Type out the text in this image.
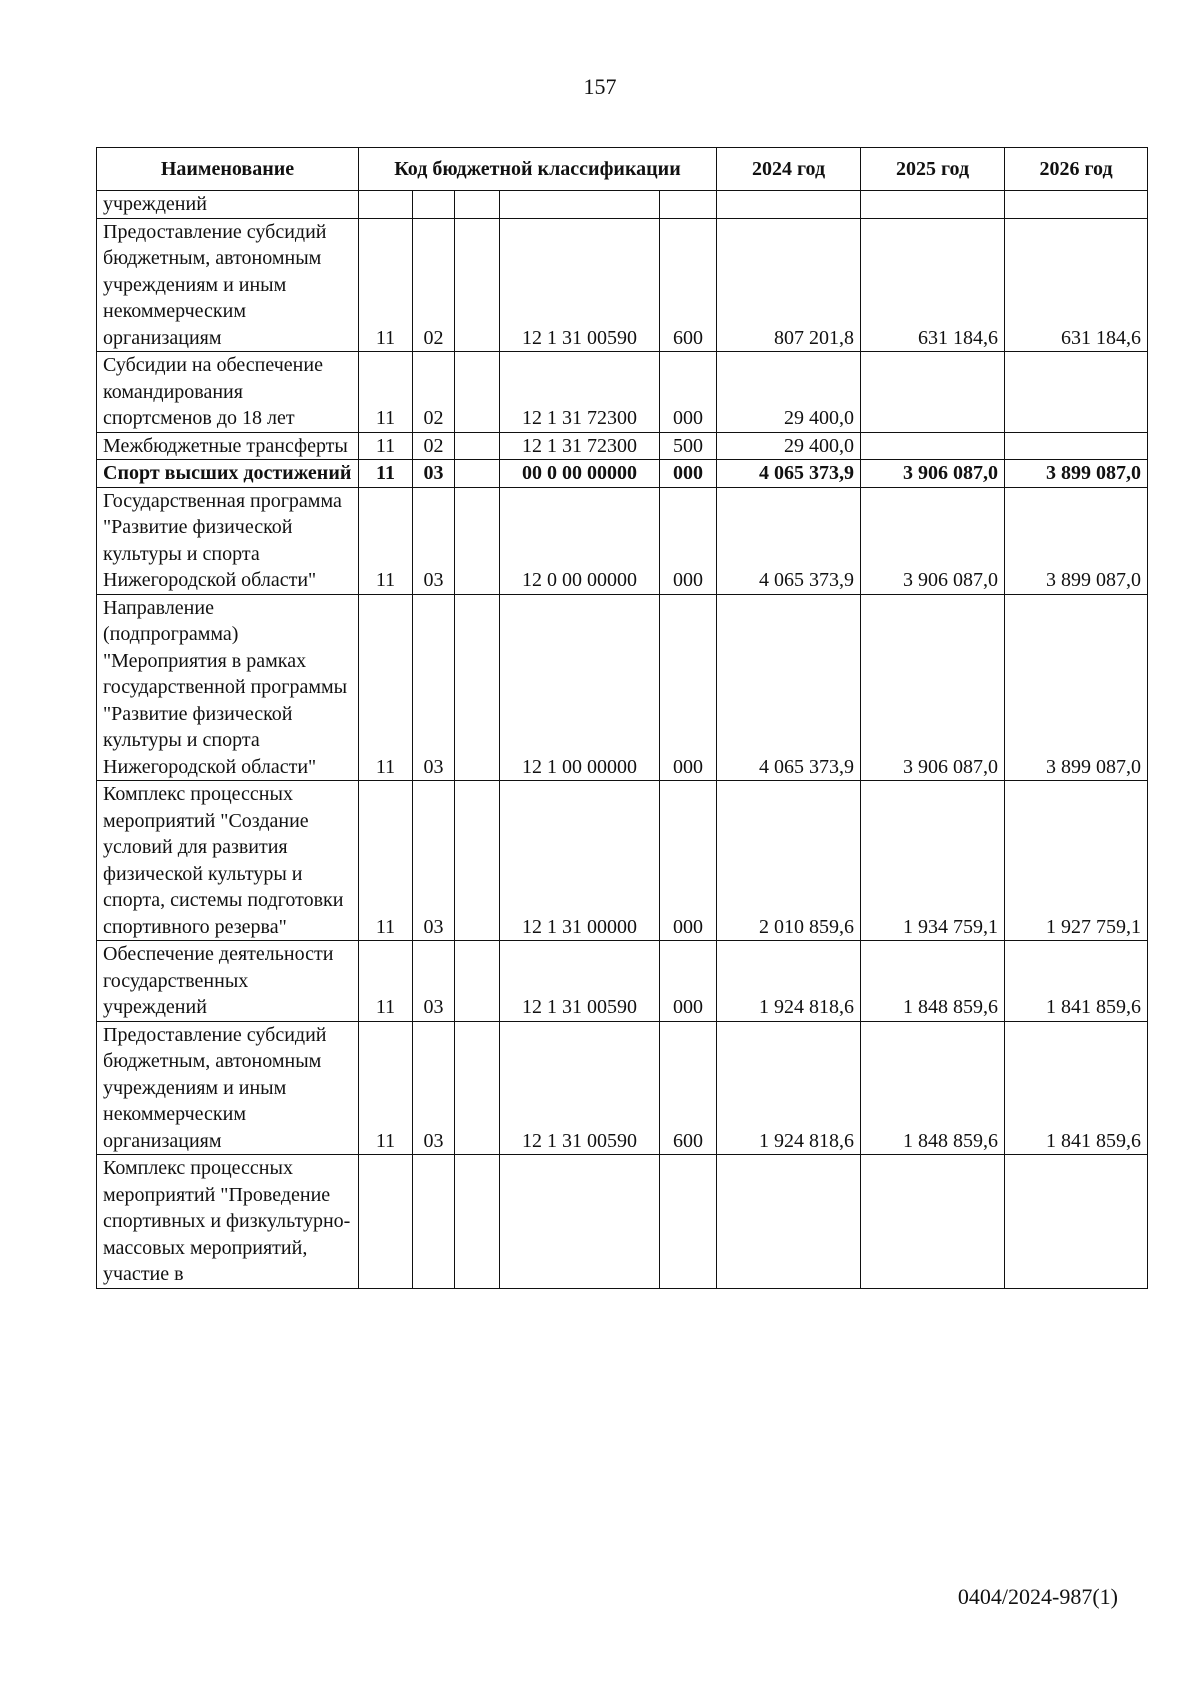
157
Наименование	Код бюджетной классификации					2024 год	2025 год	2026 год
учреждений								
Предоставление субсидий бюджетным, автономным учреждениям и иным некоммерческим организациям	11	02		12 1 31 00590	600	807 201,8	631 184,6	631 184,6
Субсидии на обеспечение командирования спортсменов до 18 лет	11	02		12 1 31 72300	000	29 400,0		
Межбюджетные трансферты	11	02		12 1 31 72300	500	29 400,0		
Спорт высших достижений	11	03		00 0 00 00000	000	4 065 373,9	3 906 087,0	3 899 087,0
Государственная программа "Развитие физической культуры и спорта Нижегородской области"	11	03		12 0 00 00000	000	4 065 373,9	3 906 087,0	3 899 087,0
Направление (подпрограмма) "Мероприятия в рамках государственной программы "Развитие физической культуры и спорта Нижегородской области"	11	03		12 1 00 00000	000	4 065 373,9	3 906 087,0	3 899 087,0
Комплекс процессных мероприятий "Создание условий для развития физической культуры и спорта, системы подготовки спортивного резерва"	11	03		12 1 31 00000	000	2 010 859,6	1 934 759,1	1 927 759,1
Обеспечение деятельности государственных учреждений	11	03		12 1 31 00590	000	1 924 818,6	1 848 859,6	1 841 859,6
Предоставление субсидий бюджетным, автономным учреждениям и иным некоммерческим организациям	11	03		12 1 31 00590	600	1 924 818,6	1 848 859,6	1 841 859,6
Комплекс процессных мероприятий "Проведение спортивных и физкультурно-массовых мероприятий, участие в								
0404/2024-987(1)
